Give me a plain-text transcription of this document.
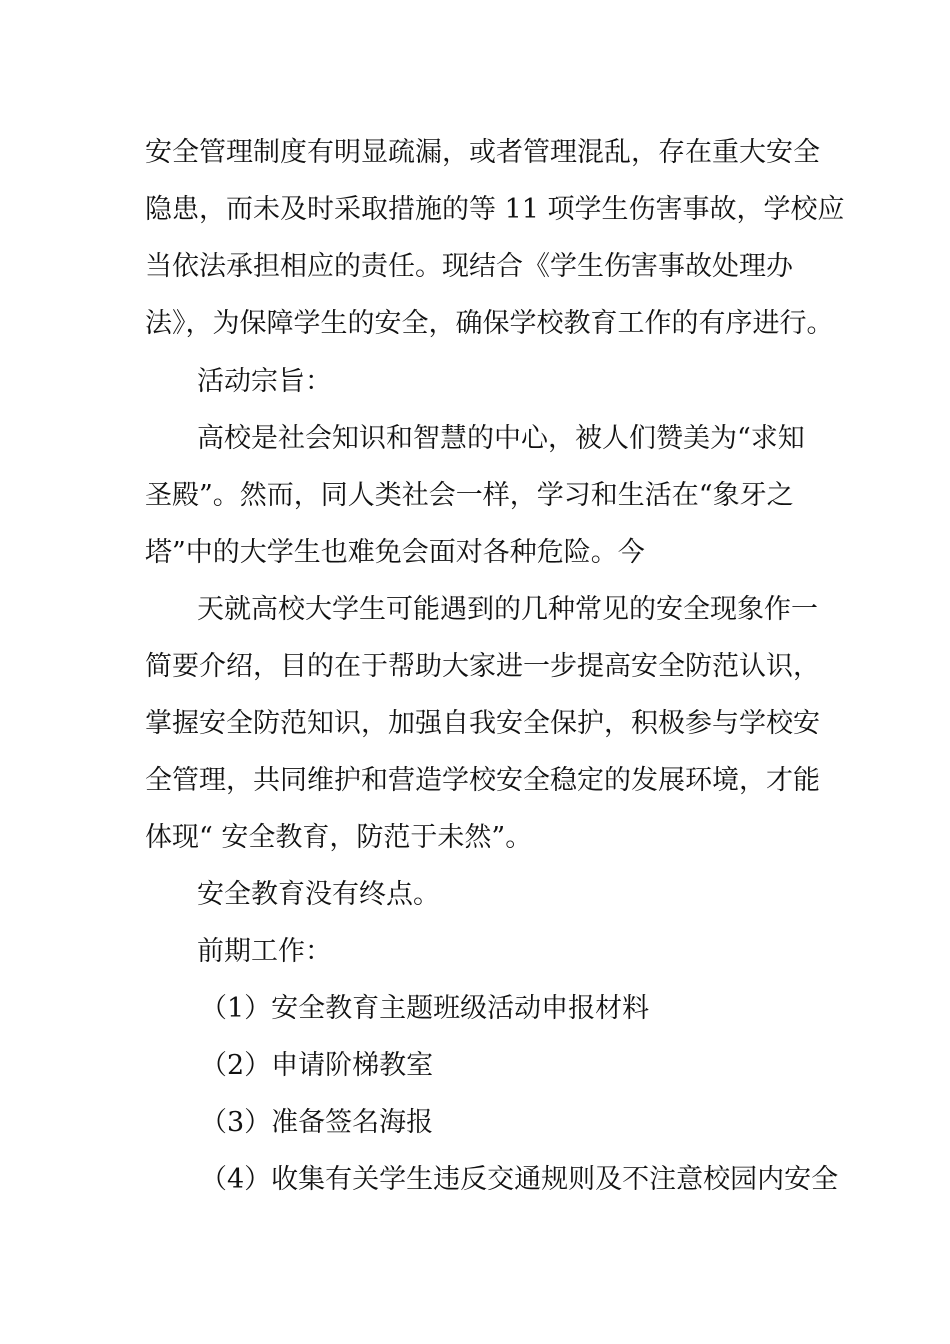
安全管理制度有明显疏漏，或者管理混乱，存在重大安全
隐患，而未及时采取措施的等 11 项学生伤害事故，学校应
当依法承担相应的责任。现结合《学生伤害事故处理办
法》，为保障学生的安全，确保学校教育工作的有序进行。
活动宗旨：
高校是社会知识和智慧的中心，被人们赞美为“求知
圣殿”。然而，同人类社会一样，学习和生活在“象牙之
塔”中的大学生也难免会面对各种危险。今
天就高校大学生可能遇到的几种常见的安全现象作一
简要介绍，目的在于帮助大家进一步提高安全防范认识，
掌握安全防范知识，加强自我安全保护，积极参与学校安
全管理，共同维护和营造学校安全稳定的发展环境，才能
体现“ 安全教育，防范于未然”。
安全教育没有终点。
前期工作：
（1）安全教育主题班级活动申报材料
（2）申请阶梯教室
（3）准备签名海报
（4）收集有关学生违反交通规则及不注意校园内安全
